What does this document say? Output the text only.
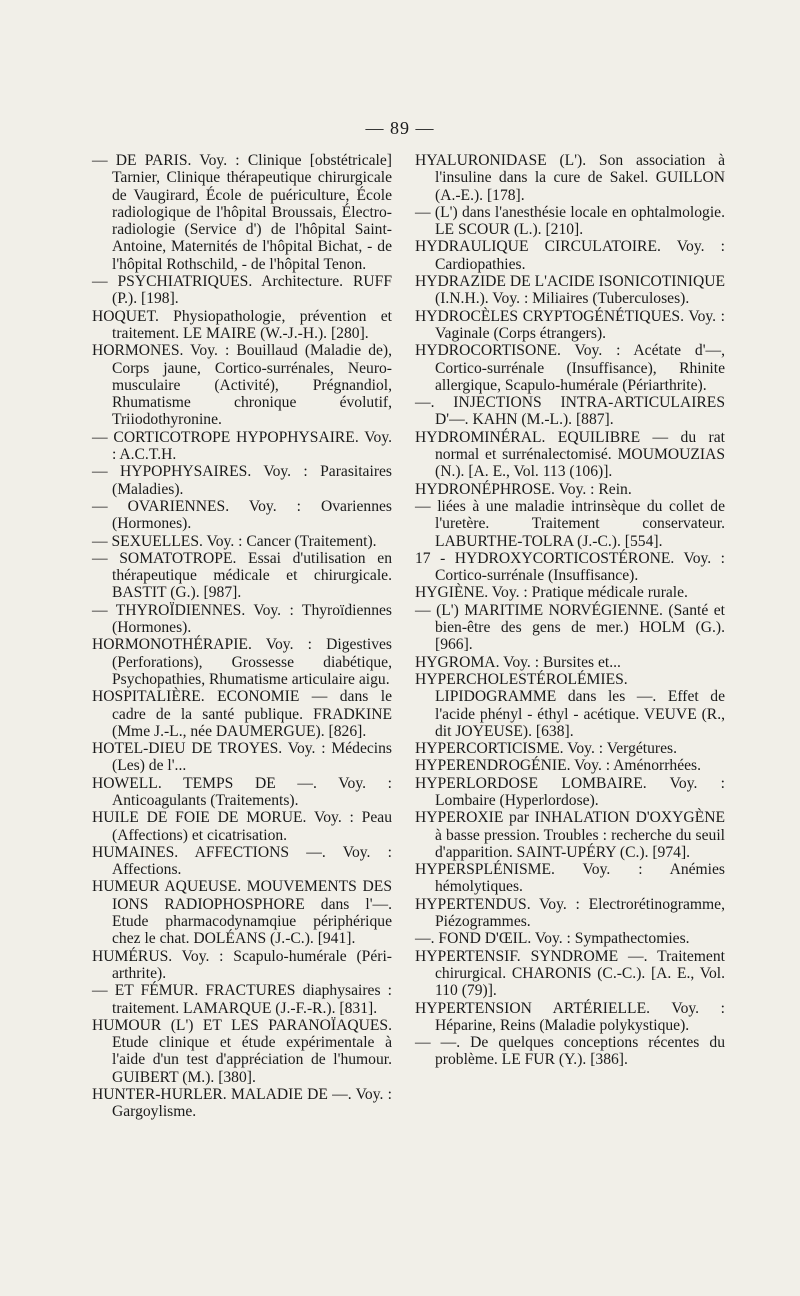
— 89 —

— DE PARIS. Voy. : Clinique [obstétricale] Tarnier, Clinique thérapeutique chirurgicale de Vaugirard, École de puériculture, École radiologique de l'hôpital Broussais, Électro-radiologie (Service d') de l'hôpital Saint-Antoine, Maternités de l'hôpital Bichat, - de l'hôpital Rothschild, - de l'hôpital Tenon.

— PSYCHIATRIQUES. Architecture. RUFF (P.). [198].

HOQUET. Physiopathologie, prévention et traitement. LE MAIRE (W.-J.-H.). [280].

HORMONES. Voy. : Bouillaud (Maladie de), Corps jaune, Cortico-surrénales, Neuro-musculaire (Activité), Prégnandiol, Rhumatisme chronique évolutif, Triiodothyronine.

— CORTICOTROPE HYPOPHYSAIRE. Voy. : A.C.T.H.

— HYPOPHYSAIRES. Voy. : Parasitaires (Maladies).

— OVARIENNES. Voy. : Ovariennes (Hormones).

— SEXUELLES. Voy. : Cancer (Traitement).

— SOMATOTROPE. Essai d'utilisation en thérapeutique médicale et chirurgicale. BASTIT (G.). [987].

— THYROÏDIENNES. Voy. : Thyroïdiennes (Hormones).

HORMONOTHÉRAPIE. Voy. : Digestives (Perforations), Grossesse diabétique, Psychopathies, Rhumatisme articulaire aigu.

HOSPITALIÈRE. ECONOMIE — dans le cadre de la santé publique. FRADKINE (Mme J.-L., née DAUMERGUE). [826].

HOTEL-DIEU DE TROYES. Voy. : Médecins (Les) de l'...

HOWELL. TEMPS DE —. Voy. : Anticoagulants (Traitements).

HUILE DE FOIE DE MORUE. Voy. : Peau (Affections) et cicatrisation.

HUMAINES. AFFECTIONS —. Voy. : Affections.

HUMEUR AQUEUSE. MOUVEMENTS DES IONS RADIOPHOSPHORE dans l'—. Etude pharmacodynamqiue périphérique chez le chat. DOLÉANS (J.-C.). [941].

HUMÉRUS. Voy. : Scapulo-humérale (Péri-arthrite).

— ET FÉMUR. FRACTURES diaphysaires : traitement. LAMARQUE (J.-F.-R.). [831].

HUMOUR (L') ET LES PARANOÏAQUES. Etude clinique et étude expérimentale à l'aide d'un test d'appréciation de l'humour. GUIBERT (M.). [380].

HUNTER-HURLER. MALADIE DE —. Voy. : Gargoylisme.

HYALURONIDASE (L'). Son association à l'insuline dans la cure de Sakel. GUILLON (A.-E.). [178].

— (L') dans l'anesthésie locale en ophtalmologie. LE SCOUR (L.). [210].

HYDRAULIQUE CIRCULATOIRE. Voy. : Cardiopathies.

HYDRAZIDE DE L'ACIDE ISONICOTINIQUE (I.N.H.). Voy. : Miliaires (Tuberculoses).

HYDROCÈLES CRYPTOGÉNÉTIQUES. Voy. : Vaginale (Corps étrangers).

HYDROCORTISONE. Voy. : Acétate d'—, Cortico-surrénale (Insuffisance), Rhinite allergique, Scapulo-humérale (Périarthrite).

—. INJECTIONS INTRA-ARTICULAIRES D'—. KAHN (M.-L.). [887].

HYDROMINÉRAL. EQUILIBRE — du rat normal et surrénalectomisé. MOUMOUZIAS (N.). [A. E., Vol. 113 (106)].

HYDRONÉPHROSE. Voy. : Rein.

— liées à une maladie intrinsèque du collet de l'uretère. Traitement conservateur. LABURTHE-TOLRA (J.-C.). [554].

17 - HYDROXYCORTICOSTÉRONE. Voy. : Cortico-surrénale (Insuffisance).

HYGIÈNE. Voy. : Pratique médicale rurale.

— (L') MARITIME NORVÉGIENNE. (Santé et bien-être des gens de mer.) HOLM (G.). [966].

HYGROMA. Voy. : Bursites et...

HYPERCHOLESTÉROLÉMIES. LIPIDOGRAMME dans les —. Effet de l'acide phényl - éthyl - acétique. VEUVE (R., dit JOYEUSE). [638].

HYPERCORTICISME. Voy. : Vergétures.

HYPERENDROGÉNIE. Voy. : Aménorrhées.

HYPERLORDOSE LOMBAIRE. Voy. : Lombaire (Hyperlordose).

HYPEROXIE par INHALATION D'OXYGÈNE à basse pression. Troubles : recherche du seuil d'apparition. SAINT-UPÉRY (C.). [974].

HYPERSPLÉNISME. Voy. : Anémies hémolytiques.

HYPERTENDUS. Voy. : Electrorétinogramme, Piézogrammes.

—. FOND D'ŒIL. Voy. : Sympathectomies.

HYPERTENSIF. SYNDROME —. Traitement chirurgical. CHARONIS (C.-C.). [A. E., Vol. 110 (79)].

HYPERTENSION ARTÉRIELLE. Voy. : Héparine, Reins (Maladie polykystique).

— —. De quelques conceptions récentes du problème. LE FUR (Y.). [386].
